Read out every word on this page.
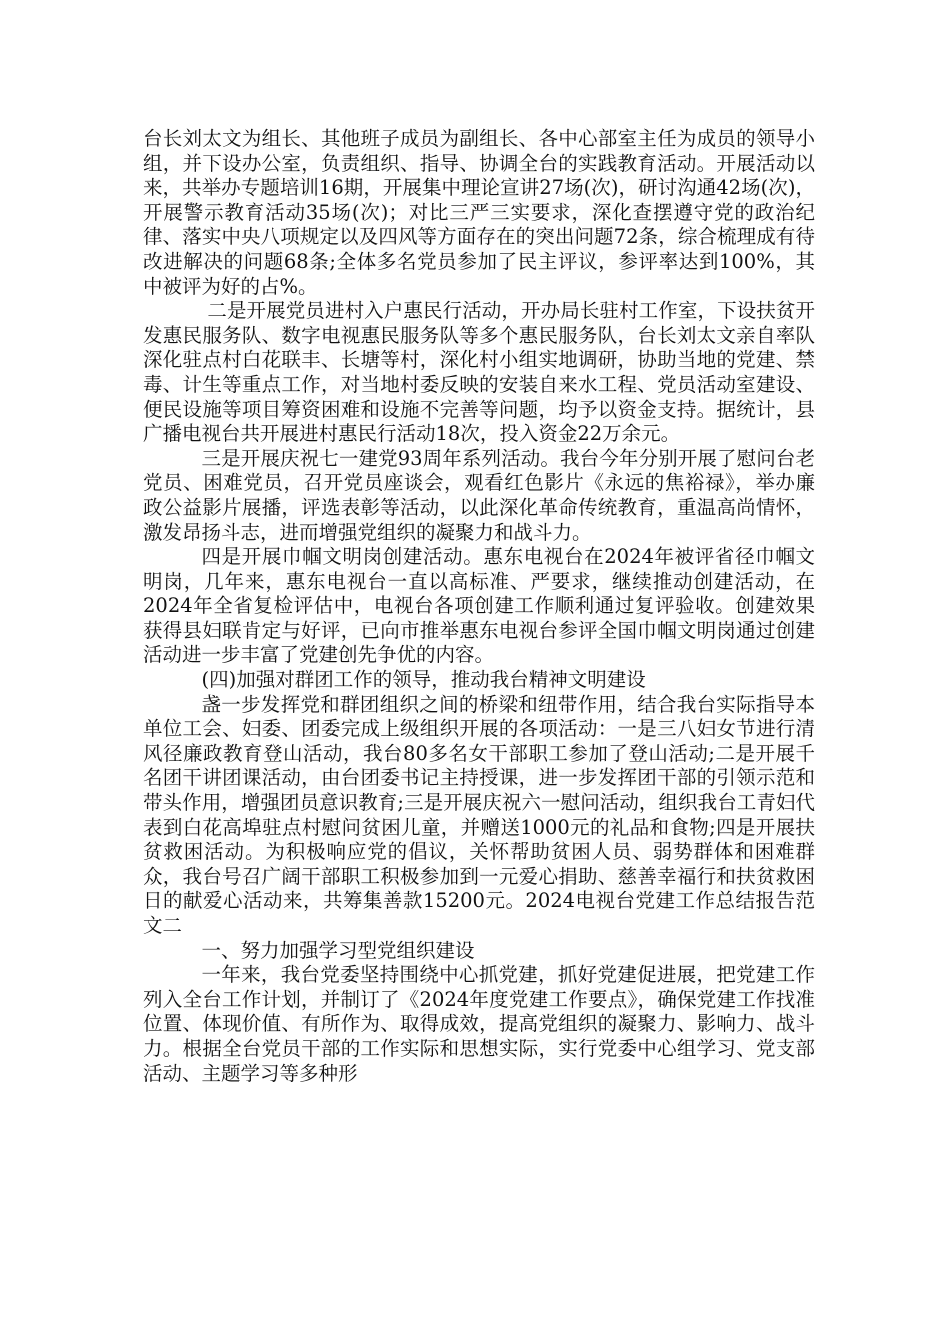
台长刘太文为组长、其他班子成员为副组长、各中心部室主任为成员的领导小组，并下设办公室，负责组织、指导、协调全台的实践教育活动。开展活动以来，共举办专题培训16期，开展集中理论宣讲27场(次)，研讨沟通42场(次)，开展警示教育活动35场(次)；对比三严三实要求，深化查摆遵守党的政治纪律、落实中央八项规定以及四风等方面存在的突出问题72条，综合梳理成有待改进解决的问题68条;全体多名党员参加了民主评议，参评率达到100%，其中被评为好的占%。

二是开展党员进村入户惠民行活动，开办局长驻村工作室，下设扶贫开发惠民服务队、数字电视惠民服务队等多个惠民服务队，台长刘太文亲自率队深化驻点村白花联丰、长塘等村，深化村小组实地调研，协助当地的党建、禁毒、计生等重点工作，对当地村委反映的安装自来水工程、党员活动室建设、便民设施等项目筹资困难和设施不完善等问题，均予以资金支持。据统计，县广播电视台共开展进村惠民行活动18次，投入资金22万余元。

三是开展庆祝七一建党93周年系列活动。我台今年分别开展了慰问台老党员、困难党员，召开党员座谈会，观看红色影片《永远的焦裕禄》，举办廉政公益影片展播，评选表彰等活动，以此深化革命传统教育，重温高尚情怀，激发昂扬斗志，进而增强党组织的凝聚力和战斗力。

四是开展巾帼文明岗创建活动。惠东电视台在2024年被评省径巾帼文明岗，几年来，惠东电视台一直以高标准、严要求，继续推动创建活动，在2024年全省复检评估中，电视台各项创建工作顺利通过复评验收。创建效果获得县妇联肯定与好评，已向市推举惠东电视台参评全国巾帼文明岗通过创建活动进一步丰富了党建创先争优的内容。

(四)加强对群团工作的领导，推动我台精神文明建设

盏一步发挥党和群团组织之间的桥梁和纽带作用，结合我台实际指导本单位工会、妇委、团委完成上级组织开展的各项活动：一是三八妇女节进行清风径廉政教育登山活动，我台80多名女干部职工参加了登山活动;二是开展千名团干讲团课活动，由台团委书记主持授课，进一步发挥团干部的引领示范和带头作用，增强团员意识教育;三是开展庆祝六一慰问活动，组织我台工青妇代表到白花高埠驻点村慰问贫困儿童，并赠送1000元的礼品和食物;四是开展扶贫救困活动。为积极响应党的倡议，关怀帮助贫困人员、弱势群体和困难群众，我台号召广阔干部职工积极参加到一元爱心捐助、慈善幸福行和扶贫救困日的献爱心活动来，共筹集善款15200元。2024电视台党建工作总结报告范文二

一、努力加强学习型党组织建设

一年来，我台党委坚持围绕中心抓党建，抓好党建促进展，把党建工作列入全台工作计划，并制订了《2024年度党建工作要点》，确保党建工作找准位置、体现价值、有所作为、取得成效，提高党组织的凝聚力、影响力、战斗力。根据全台党员干部的工作实际和思想实际，实行党委中心组学习、党支部活动、主题学习等多种形
